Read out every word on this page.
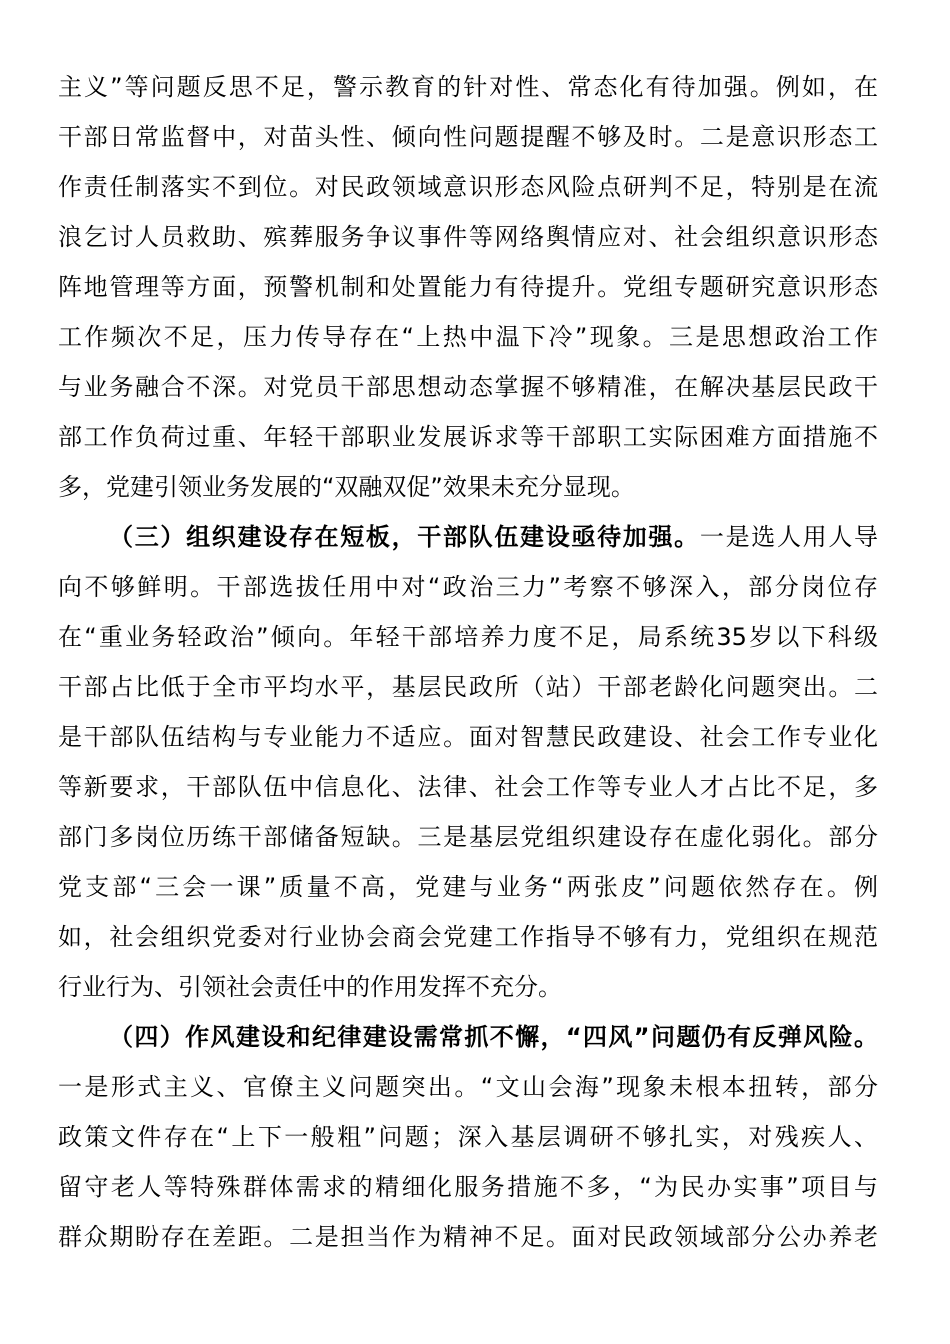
主义”等问题反思不足，警示教育的针对性、常态化有待加强。例如，在
干部日常监督中，对苗头性、倾向性问题提醒不够及时。二是意识形态工
作责任制落实不到位。对民政领域意识形态风险点研判不足，特别是在流
浪乞讨人员救助、殡葬服务争议事件等网络舆情应对、社会组织意识形态
阵地管理等方面，预警机制和处置能力有待提升。党组专题研究意识形态
工作频次不足，压力传导存在“上热中温下冷”现象。三是思想政治工作
与业务融合不深。对党员干部思想动态掌握不够精准，在解决基层民政干
部工作负荷过重、年轻干部职业发展诉求等干部职工实际困难方面措施不
多，党建引领业务发展的“双融双促”效果未充分显现。
（三）组织建设存在短板，干部队伍建设亟待加强。一是选人用人导
向不够鲜明。干部选拔任用中对“政治三力”考察不够深入，部分岗位存
在“重业务轻政治”倾向。年轻干部培养力度不足，局系统35岁以下科级
干部占比低于全市平均水平，基层民政所（站）干部老龄化问题突出。二
是干部队伍结构与专业能力不适应。面对智慧民政建设、社会工作专业化
等新要求，干部队伍中信息化、法律、社会工作等专业人才占比不足，多
部门多岗位历练干部储备短缺。三是基层党组织建设存在虚化弱化。部分
党支部“三会一课”质量不高，党建与业务“两张皮”问题依然存在。例
如，社会组织党委对行业协会商会党建工作指导不够有力，党组织在规范
行业行为、引领社会责任中的作用发挥不充分。
（四）作风建设和纪律建设需常抓不懈，“四风”问题仍有反弹风险。
一是形式主义、官僚主义问题突出。“文山会海”现象未根本扭转，部分
政策文件存在“上下一般粗”问题；深入基层调研不够扎实，对残疾人、
留守老人等特殊群体需求的精细化服务措施不多，“为民办实事”项目与
群众期盼存在差距。二是担当作为精神不足。面对民政领域部分公办养老
